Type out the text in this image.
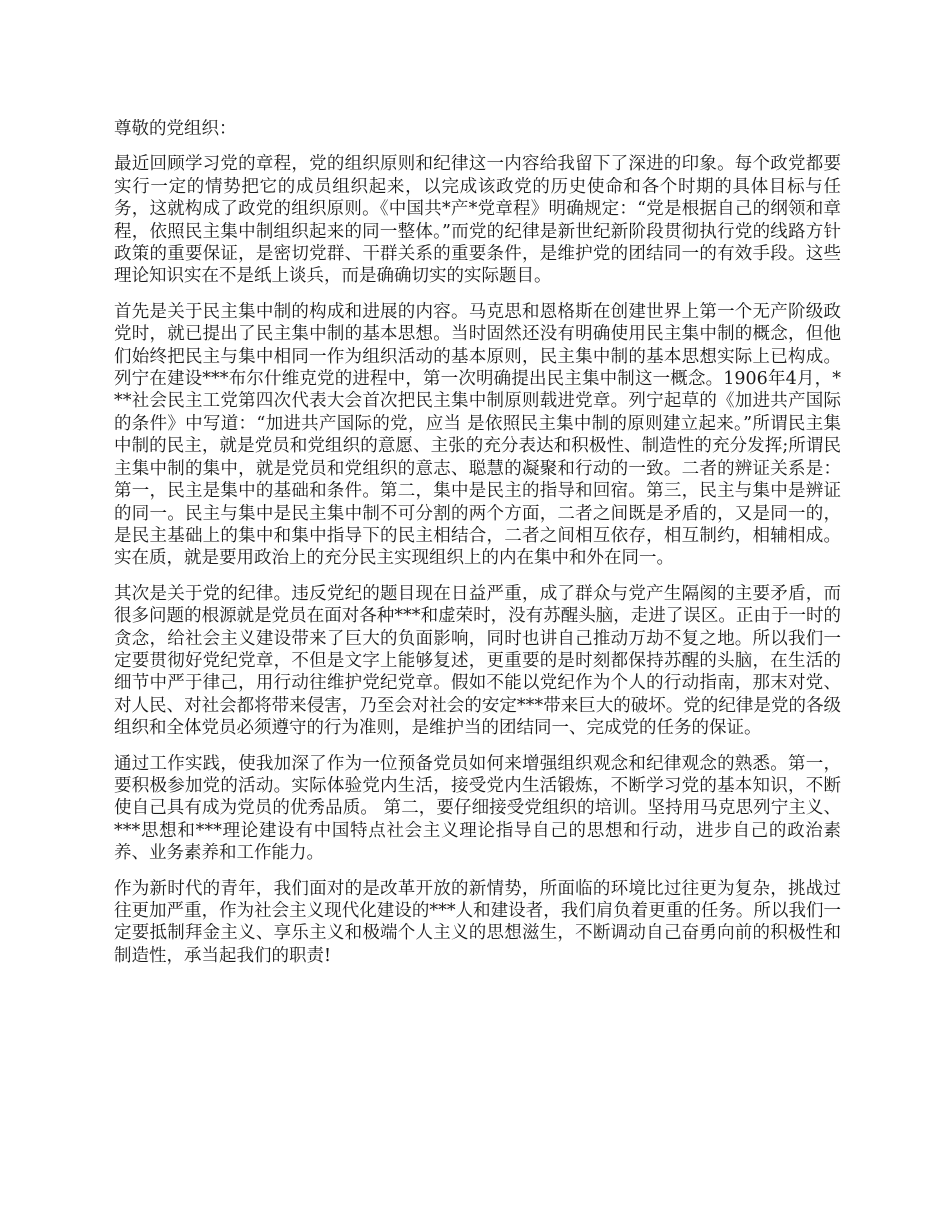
尊敬的党组织：

最近回顾学习党的章程，党的组织原则和纪律这一内容给我留下了深进的印象。每个政党都要实行一定的情势把它的成员组织起来，以完成该政党的历史使命和各个时期的具体目标与任务，这就构成了政党的组织原则。《中国共*产*党章程》明确规定：“党是根据自己的纲领和章程，依照民主集中制组织起来的同一整体。”而党的纪律是新世纪新阶段贯彻执行党的线路方针政策的重要保证，是密切党群、干群关系的重要条件，是维护党的团结同一的有效手段。这些理论知识实在不是纸上谈兵，而是确确切实的实际题目。

首先是关于民主集中制的构成和进展的内容。马克思和恩格斯在创建世界上第一个无产阶级政党时，就已提出了民主集中制的基本思想。当时固然还没有明确使用民主集中制的概念，但他们始终把民主与集中相同一作为组织活动的基本原则，民主集中制的基本思想实际上已构成。列宁在建设***布尔什维克党的进程中，第一次明确提出民主集中制这一概念。1906年4月，***社会民主工党第四次代表大会首次把民主集中制原则载进党章。列宁起草的《加进共产国际的条件》中写道：“加进共产国际的党，应当 是依照民主集中制的原则建立起来。”所谓民主集中制的民主，就是党员和党组织的意愿、主张的充分表达和积极性、制造性的充分发挥;所谓民主集中制的集中，就是党员和党组织的意志、聪慧的凝聚和行动的一致。二者的辨证关系是：第一，民主是集中的基础和条件。第二，集中是民主的指导和回宿。第三，民主与集中是辨证的同一。民主与集中是民主集中制不可分割的两个方面，二者之间既是矛盾的，又是同一的，是民主基础上的集中和集中指导下的民主相结合，二者之间相互依存，相互制约，相辅相成。实在质，就是要用政治上的充分民主实现组织上的内在集中和外在同一。

其次是关于党的纪律。违反党纪的题目现在日益严重，成了群众与党产生隔阂的主要矛盾，而很多问题的根源就是党员在面对各种***和虚荣时，没有苏醒头脑，走进了误区。正由于一时的贪念，给社会主义建设带来了巨大的负面影响，同时也讲自己推动万劫不复之地。所以我们一定要贯彻好党纪党章，不但是文字上能够复述，更重要的是时刻都保持苏醒的头脑，在生活的细节中严于律己，用行动往维护党纪党章。假如不能以党纪作为个人的行动指南，那末对党、对人民、对社会都将带来侵害，乃至会对社会的安定***带来巨大的破坏。党的纪律是党的各级组织和全体党员必须遵守的行为准则，是维护当的团结同一、完成党的任务的保证。

通过工作实践，使我加深了作为一位预备党员如何来增强组织观念和纪律观念的熟悉。第一，要积极参加党的活动。实际体验党内生活，接受党内生活锻炼，不断学习党的基本知识，不断使自己具有成为党员的优秀品质。 第二，要仔细接受党组织的培训。坚持用马克思列宁主义、***思想和***理论建设有中国特点社会主义理论指导自己的思想和行动，进步自己的政治素养、业务素养和工作能力。

作为新时代的青年，我们面对的是改革开放的新情势，所面临的环境比过往更为复杂，挑战过往更加严重，作为社会主义现代化建设的***人和建设者，我们肩负着更重的任务。所以我们一定要抵制拜金主义、享乐主义和极端个人主义的思想滋生，不断调动自己奋勇向前的积极性和制造性，承当起我们的职责!
